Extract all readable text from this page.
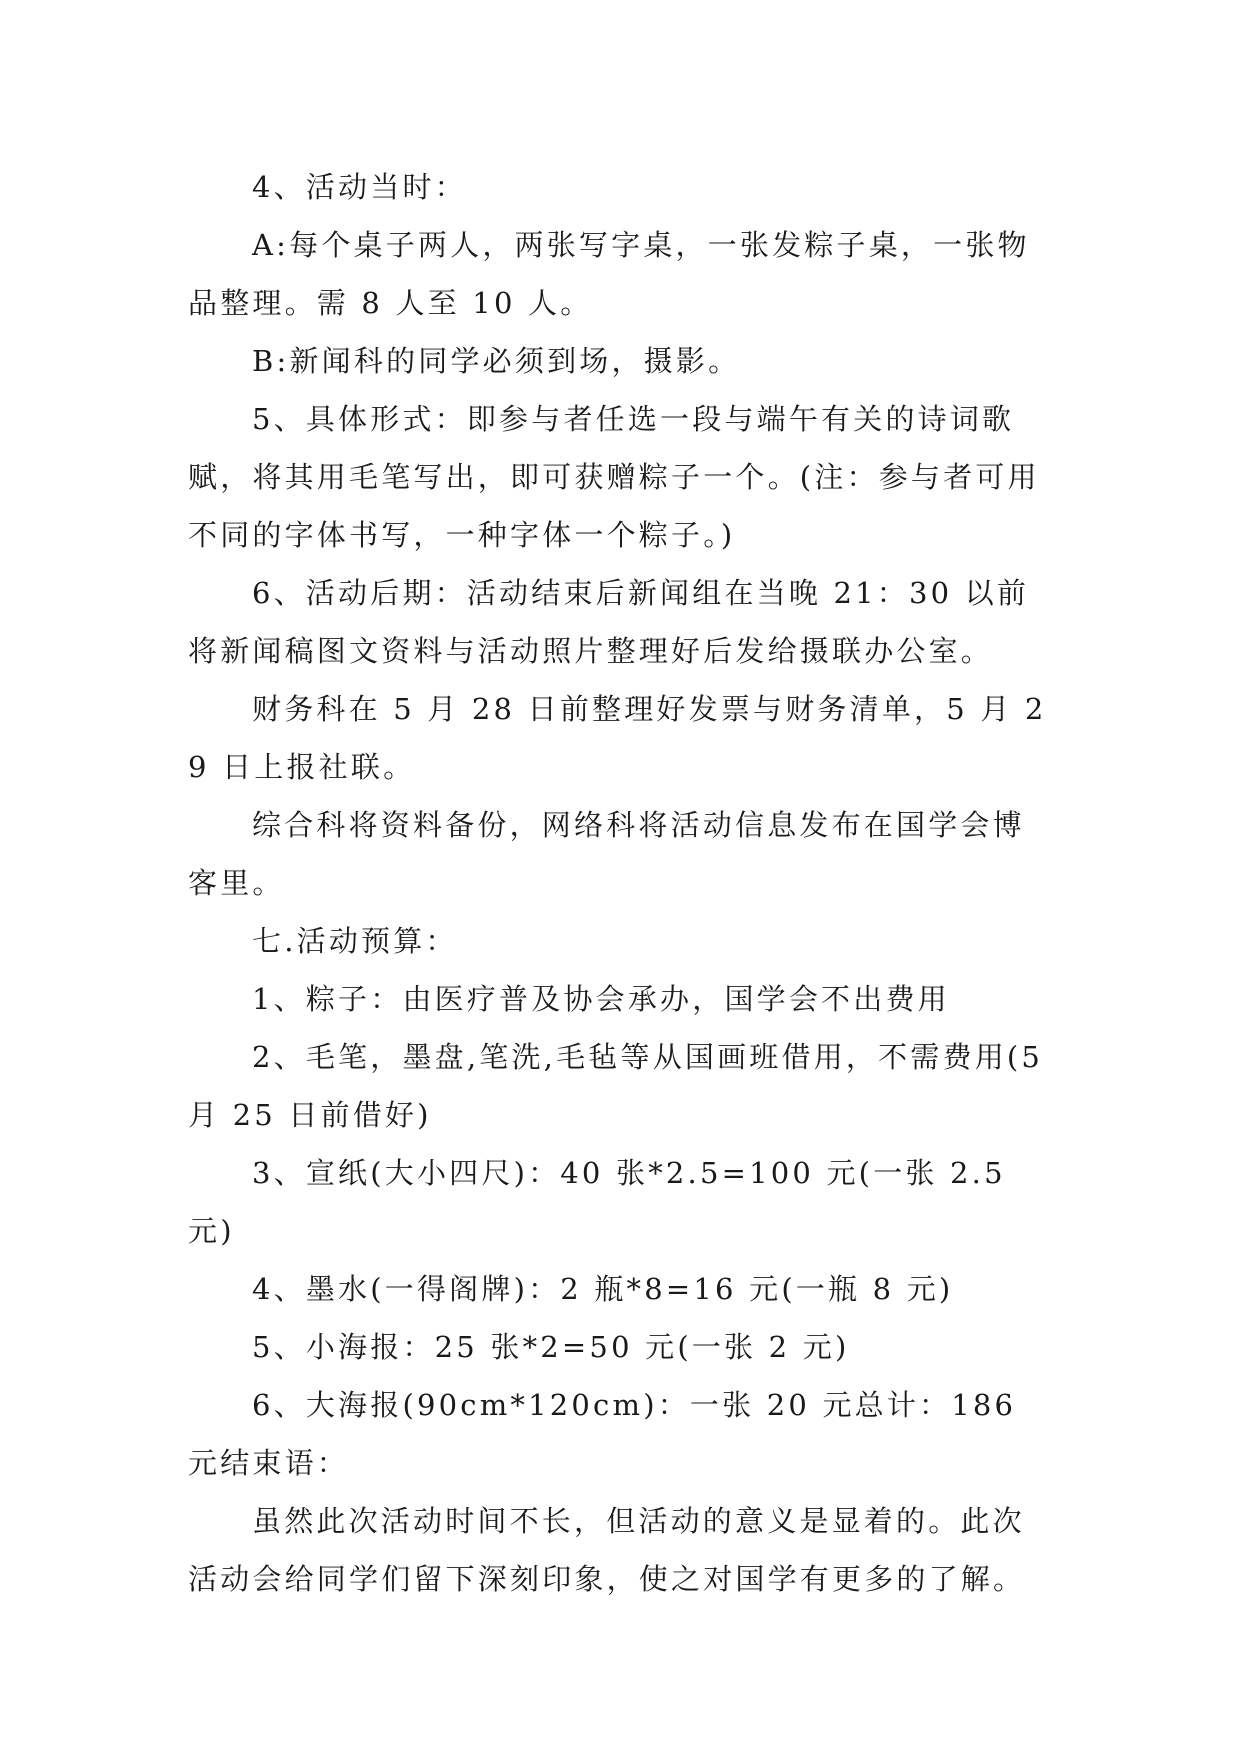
4、活动当时：

A:每个桌子两人，两张写字桌，一张发粽子桌，一张物品整理。需 8 人至 10 人。

B:新闻科的同学必须到场，摄影。

5、具体形式：即参与者任选一段与端午有关的诗词歌赋，将其用毛笔写出，即可获赠粽子一个。(注：参与者可用不同的字体书写，一种字体一个粽子。)

6、活动后期：活动结束后新闻组在当晚 21：30 以前将新闻稿图文资料与活动照片整理好后发给摄联办公室。

财务科在 5 月 28 日前整理好发票与财务清单，5 月 29 日上报社联。

综合科将资料备份，网络科将活动信息发布在国学会博客里。

七.活动预算：

1、粽子：由医疗普及协会承办，国学会不出费用

2、毛笔，墨盘,笔洗,毛毡等从国画班借用，不需费用(5 月 25 日前借好)

3、宣纸(大小四尺)：40 张*2.5=100 元(一张 2.5 元)

4、墨水(一得阁牌)：2 瓶*8=16 元(一瓶 8 元)

5、小海报：25 张*2=50 元(一张 2 元)

6、大海报(90cm*120cm)：一张 20 元总计：186 元结束语：

虽然此次活动时间不长，但活动的意义是显着的。此次活动会给同学们留下深刻印象，使之对国学有更多的了解。
